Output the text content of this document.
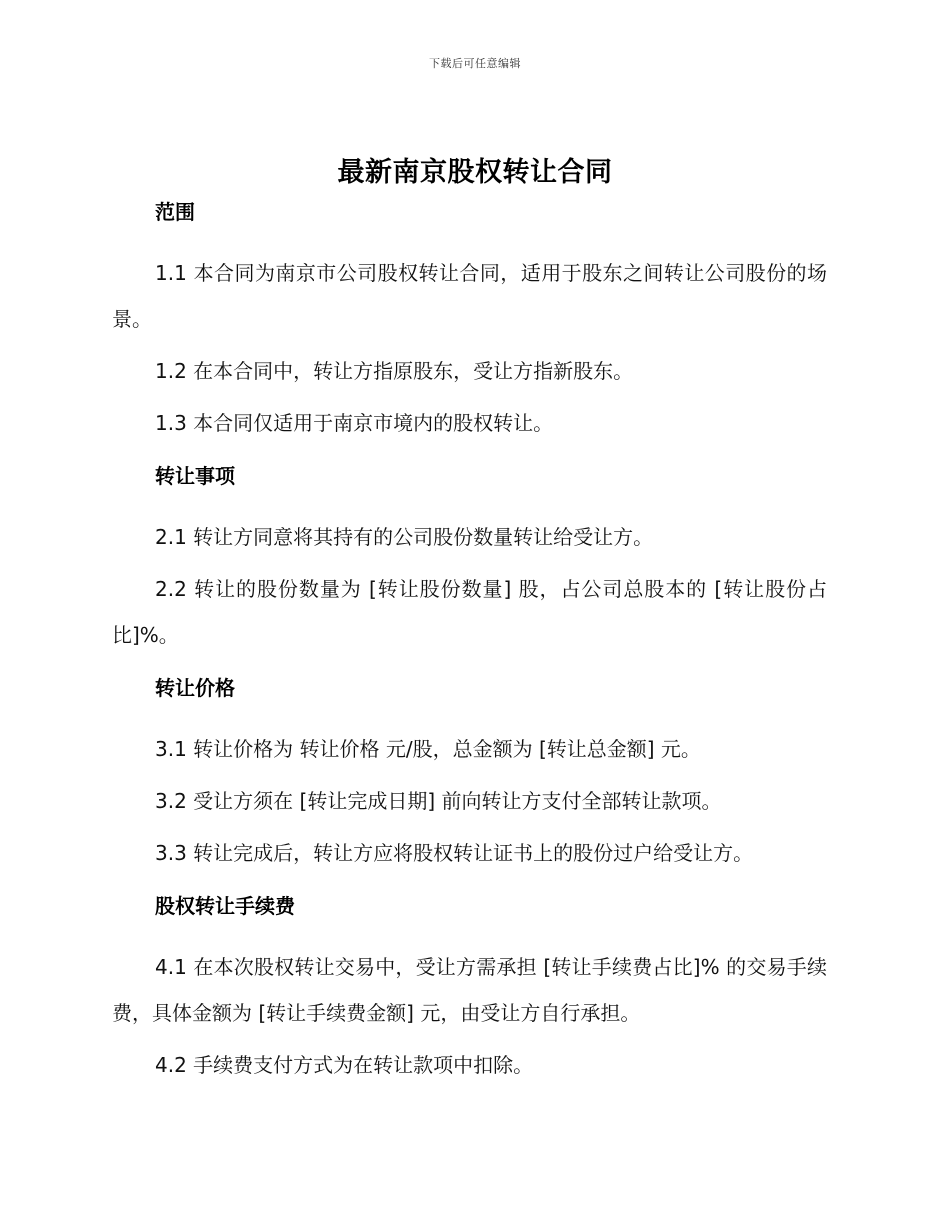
下载后可任意编辑
最新南京股权转让合同
范围

1.1 本合同为南京市公司股权转让合同，适用于股东之间转让公司股份的场景。

1.2 在本合同中，转让方指原股东，受让方指新股东。

1.3 本合同仅适用于南京市境内的股权转让。

转让事项

2.1 转让方同意将其持有的公司股份数量转让给受让方。

2.2 转让的股份数量为 [转让股份数量] 股，占公司总股本的 [转让股份占比]%。

转让价格

3.1 转让价格为 转让价格 元/股，总金额为 [转让总金额] 元。

3.2 受让方须在 [转让完成日期] 前向转让方支付全部转让款项。

3.3 转让完成后，转让方应将股权转让证书上的股份过户给受让方。

股权转让手续费

4.1 在本次股权转让交易中，受让方需承担 [转让手续费占比]% 的交易手续费，具体金额为 [转让手续费金额] 元，由受让方自行承担。

4.2 手续费支付方式为在转让款项中扣除。
